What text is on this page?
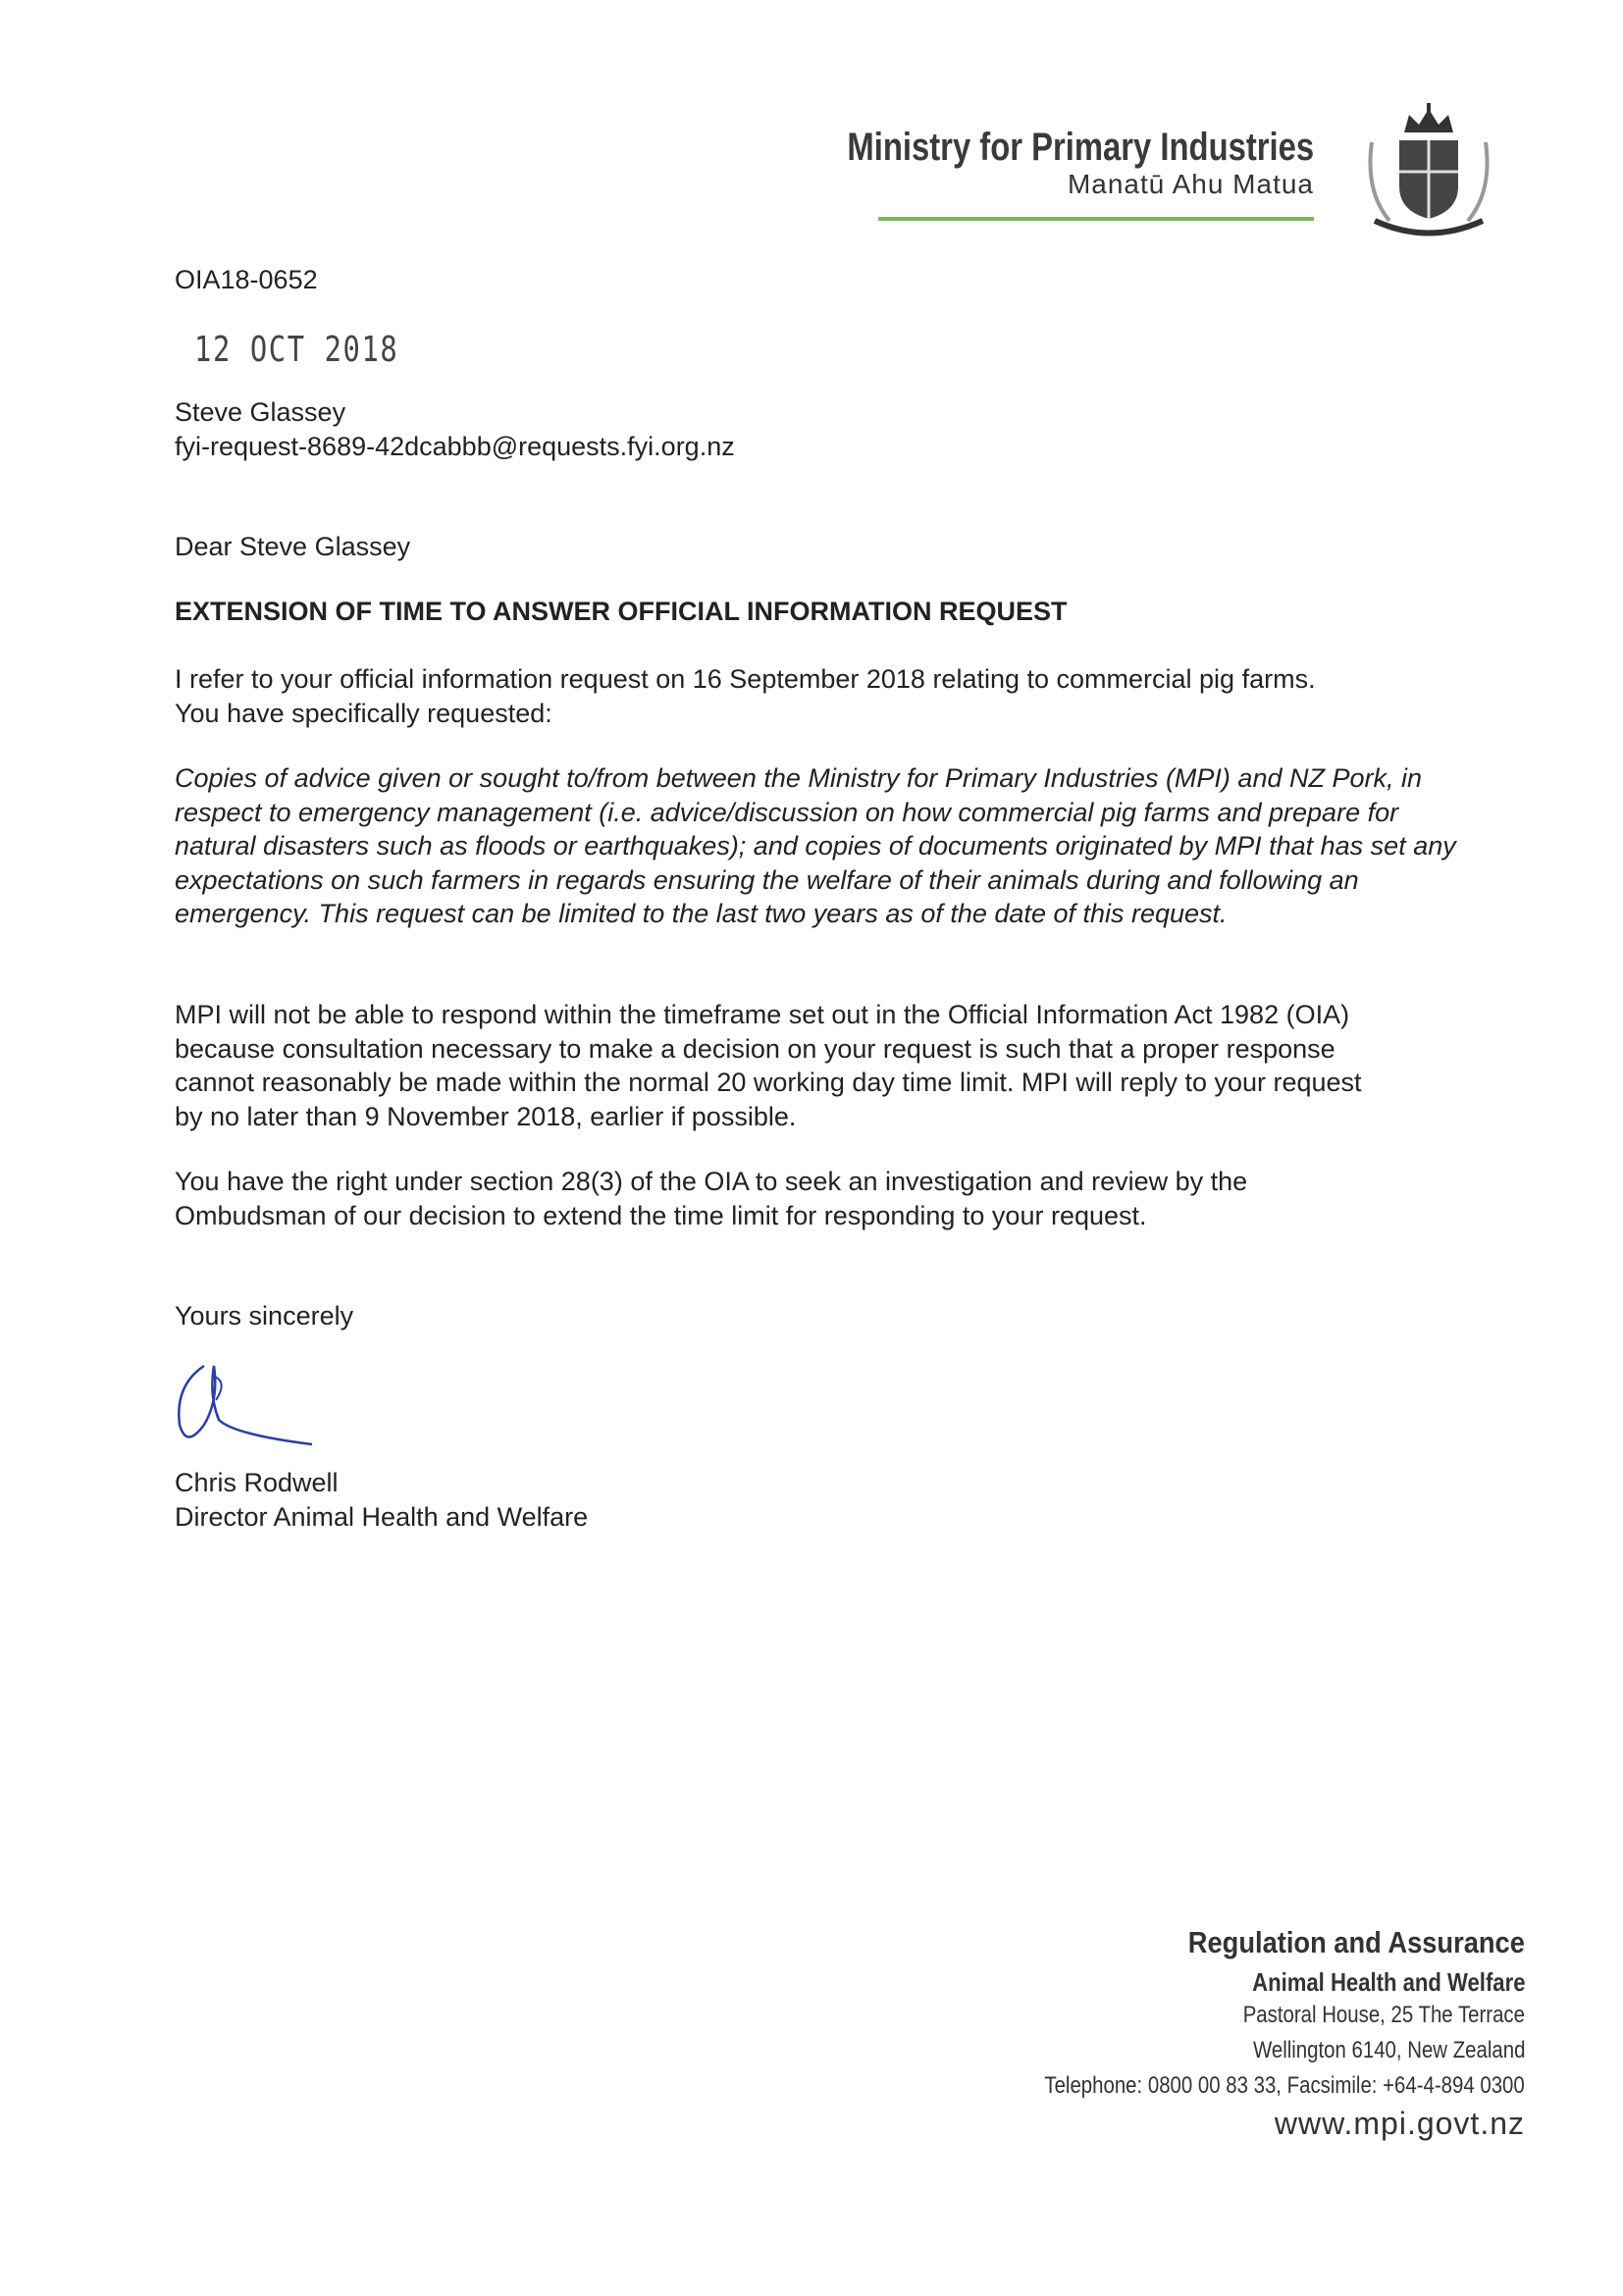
Ministry for Primary Industries
Manatū Ahu Matua
OIA18-0652
12 OCT 2018
Steve Glassey
fyi-request-8689-42dcabbb@requests.fyi.org.nz
Dear Steve Glassey
EXTENSION OF TIME TO ANSWER OFFICIAL INFORMATION REQUEST
I refer to your official information request on 16 September 2018 relating to commercial pig farms. You have specifically requested:
Copies of advice given or sought to/from between the Ministry for Primary Industries (MPI) and NZ Pork, in respect to emergency management (i.e. advice/discussion on how commercial pig farms and prepare for natural disasters such as floods or earthquakes); and copies of documents originated by MPI that has set any expectations on such farmers in regards ensuring the welfare of their animals during and following an emergency. This request can be limited to the last two years as of the date of this request.
MPI will not be able to respond within the timeframe set out in the Official Information Act 1982 (OIA) because consultation necessary to make a decision on your request is such that a proper response cannot reasonably be made within the normal 20 working day time limit. MPI will reply to your request by no later than 9 November 2018, earlier if possible.
You have the right under section 28(3) of the OIA to seek an investigation and review by the Ombudsman of our decision to extend the time limit for responding to your request.
Yours sincerely
Chris Rodwell
Director Animal Health and Welfare
Regulation and Assurance
Animal Health and Welfare
Pastoral House, 25 The Terrace
Wellington 6140, New Zealand
Telephone: 0800 00 83 33, Facsimile: +64-4-894 0300
www.mpi.govt.nz
